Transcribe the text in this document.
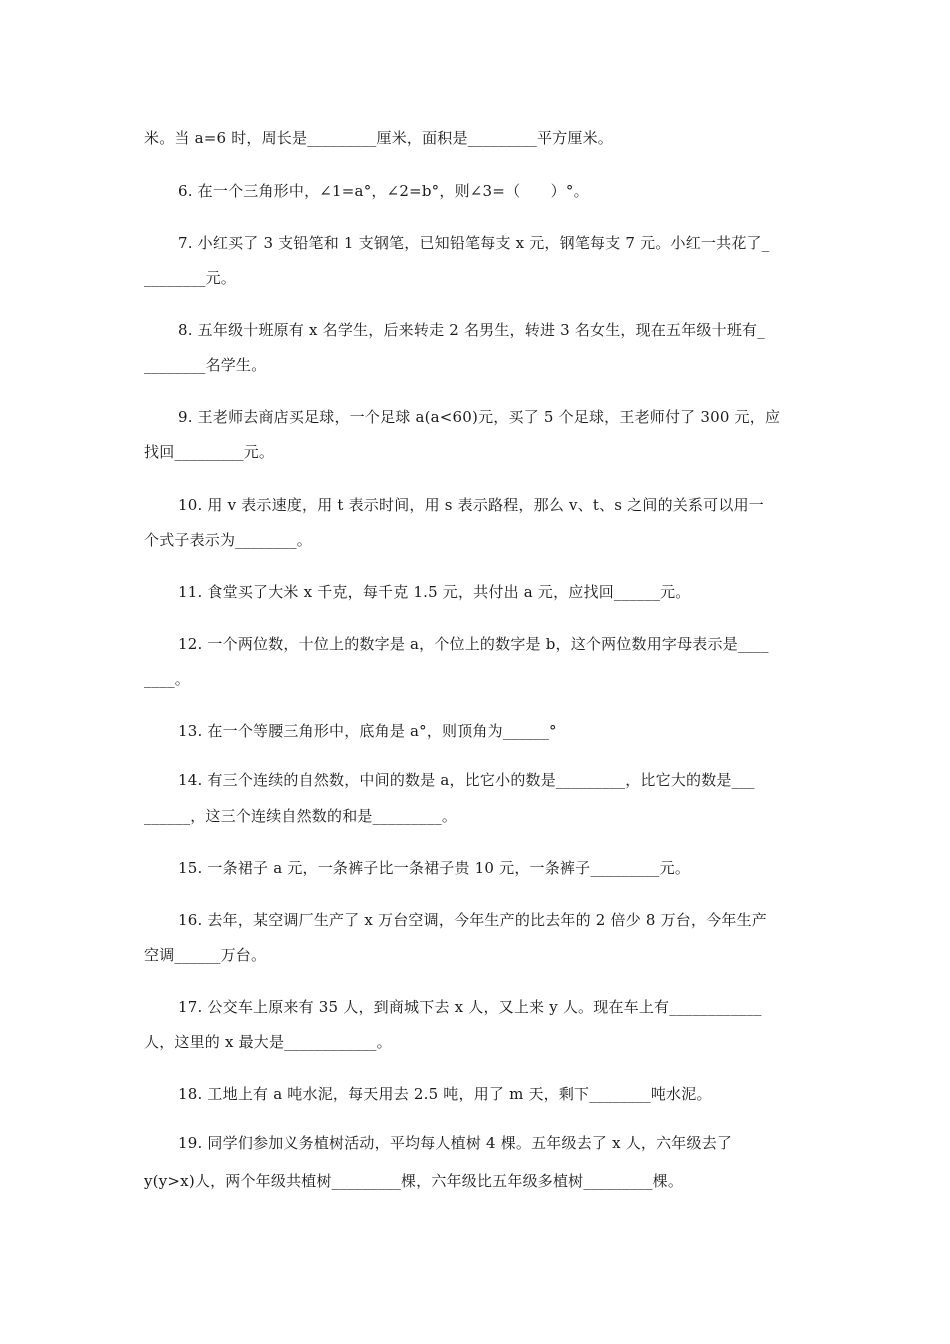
米。当 a=6 时，周长是_________厘米，面积是_________平方厘米。
6. 在一个三角形中，∠1=a°，∠2=b°，则∠3=（　　）°。
7. 小红买了 3 支铅笔和 1 支钢笔，已知铅笔每支 x 元，钢笔每支 7 元。小红一共花了_
________元。
8. 五年级十班原有 x 名学生，后来转走 2 名男生，转进 3 名女生，现在五年级十班有_
________名学生。
9. 王老师去商店买足球，一个足球 a(a<60)元，买了 5 个足球，王老师付了 300 元，应
找回_________元。
10. 用 v 表示速度，用 t 表示时间，用 s 表示路程，那么 v、t、s 之间的关系可以用一
个式子表示为________。
11. 食堂买了大米 x 千克，每千克 1.5 元，共付出 a 元，应找回______元。
12. 一个两位数，十位上的数字是 a，个位上的数字是 b，这个两位数用字母表示是____
____。
13. 在一个等腰三角形中，底角是 a°，则顶角为______°
14. 有三个连续的自然数，中间的数是 a，比它小的数是_________，比它大的数是___
______，这三个连续自然数的和是_________。
15. 一条裙子 a 元，一条裤子比一条裙子贵 10 元，一条裤子_________元。
16. 去年，某空调厂生产了 x 万台空调，今年生产的比去年的 2 倍少 8 万台，今年生产
空调______万台。
17. 公交车上原来有 35 人，到商城下去 x 人，又上来 y 人。现在车上有____________
人，这里的 x 最大是____________。
18. 工地上有 a 吨水泥，每天用去 2.5 吨，用了 m 天，剩下________吨水泥。
19. 同学们参加义务植树活动，平均每人植树 4 棵。五年级去了 x 人，六年级去了
y(y>x)人，两个年级共植树_________棵，六年级比五年级多植树_________棵。
